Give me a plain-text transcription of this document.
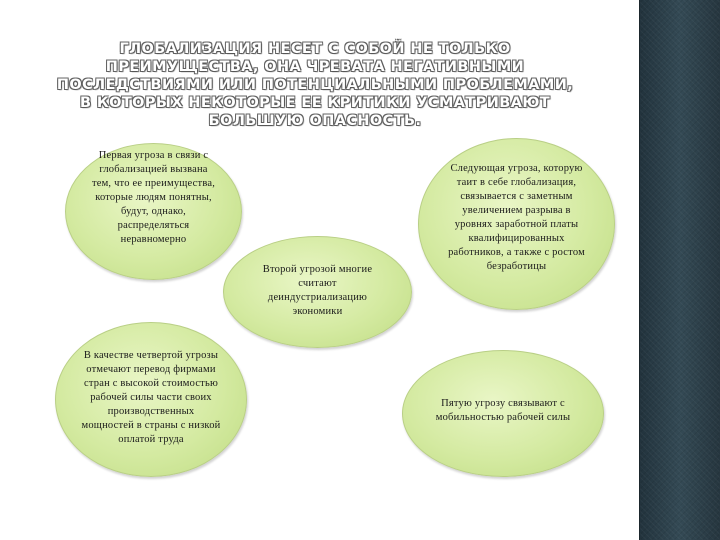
ГЛОБАЛИЗАЦИЯ НЕСЕТ С СОБОЙ НЕ ТОЛЬКО ПРЕИМУЩЕСТВА, ОНА ЧРЕВАТА НЕГАТИВНЫМИ ПОСЛЕДСТВИЯМИ ИЛИ ПОТЕНЦИАЛЬНЫМИ ПРОБЛЕМАМИ, В КОТОРЫХ НЕКОТОРЫЕ ЕЕ КРИТИКИ УСМАТРИВАЮТ БОЛЬШУЮ ОПАСНОСТЬ.
Первая угроза в связи с глобализацией вызвана тем, что ее преимущества, которые людям понятны, будут, однако, распределяться неравномерно
Следующая угроза, которую таит в себе глобализация, связывается с заметным увеличением разрыва в уровнях заработной платы квалифицированных работников, а также с ростом безработицы
Второй угрозой многие считают деиндустриализацию экономики
В качестве четвертой угрозы отмечают перевод фирмами стран с высокой стоимостью рабочей силы части своих производственных мощностей в страны с низкой оплатой труда
Пятую угрозу связывают с мобильностью рабочей силы
